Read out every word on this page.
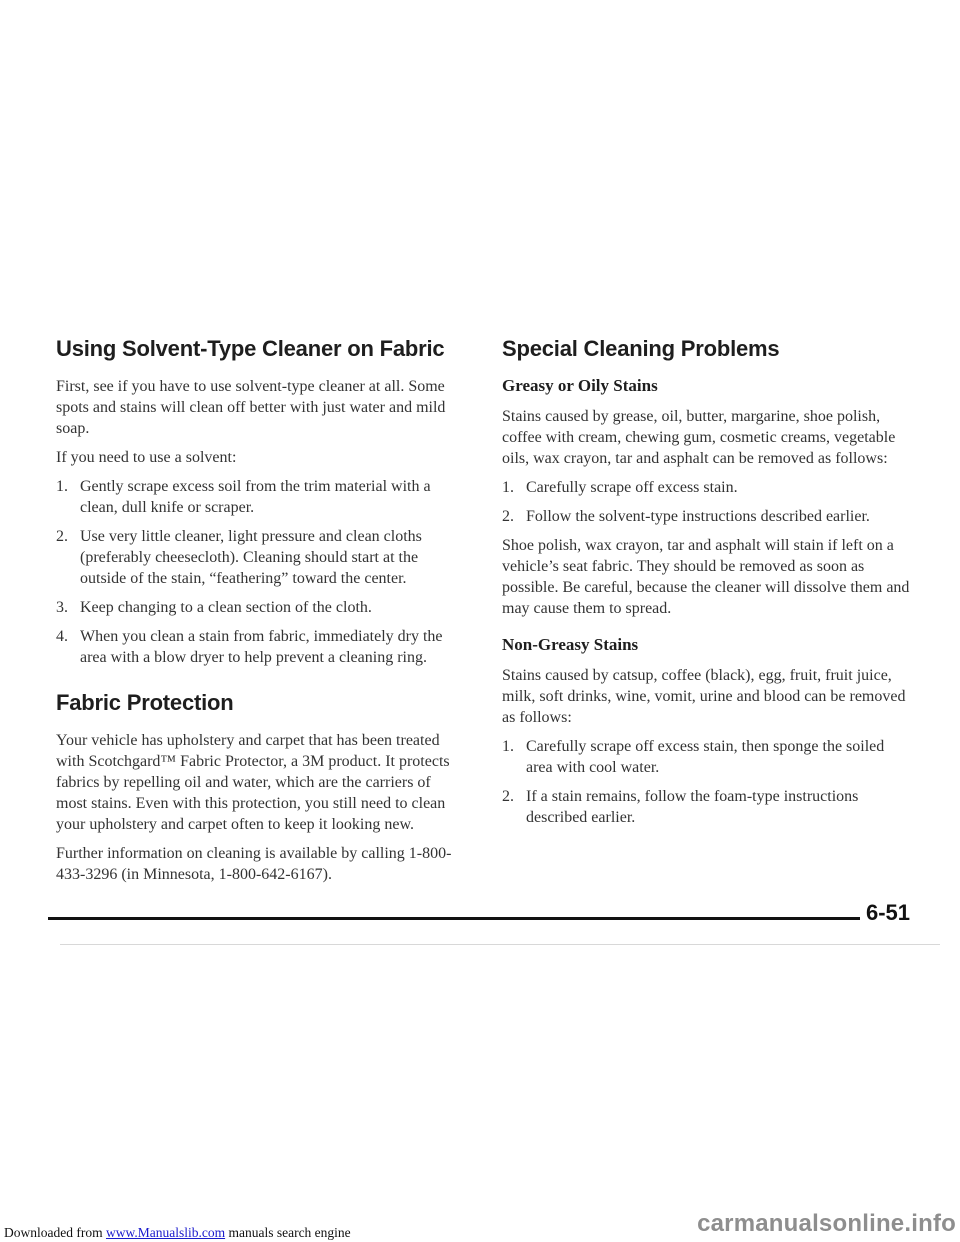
Using Solvent-Type Cleaner on Fabric

First, see if you have to use solvent-type cleaner at all. Some spots and stains will clean off better with just water and mild soap.

If you need to use a solvent:

1. Gently scrape excess soil from the trim material with a clean, dull knife or scraper.
2. Use very little cleaner, light pressure and clean cloths (preferably cheesecloth). Cleaning should start at the outside of the stain, “feathering” toward the center.
3. Keep changing to a clean section of the cloth.
4. When you clean a stain from fabric, immediately dry the area with a blow dryer to help prevent a cleaning ring.
Fabric Protection

Your vehicle has upholstery and carpet that has been treated with Scotchgard™ Fabric Protector, a 3M product. It protects fabrics by repelling oil and water, which are the carriers of most stains. Even with this protection, you still need to clean your upholstery and carpet often to keep it looking new.

Further information on cleaning is available by calling 1-800-433-3296 (in Minnesota, 1-800-642-6167).

Special Cleaning Problems
Greasy or Oily Stains

Stains caused by grease, oil, butter, margarine, shoe polish, coffee with cream, chewing gum, cosmetic creams, vegetable oils, wax crayon, tar and asphalt can be removed as follows:

1. Carefully scrape off excess stain.
2. Follow the solvent-type instructions described earlier.

Shoe polish, wax crayon, tar and asphalt will stain if left on a vehicle’s seat fabric. They should be removed as soon as possible. Be careful, because the cleaner will dissolve them and may cause them to spread.

Non-Greasy Stains

Stains caused by catsup, coffee (black), egg, fruit, fruit juice, milk, soft drinks, wine, vomit, urine and blood can be removed as follows:

1. Carefully scrape off excess stain, then sponge the soiled area with cool water.
2. If a stain remains, follow the foam-type instructions described earlier.
6-51
Downloaded from www.Manualslib.com manuals search engine	carmanualsonline.info
